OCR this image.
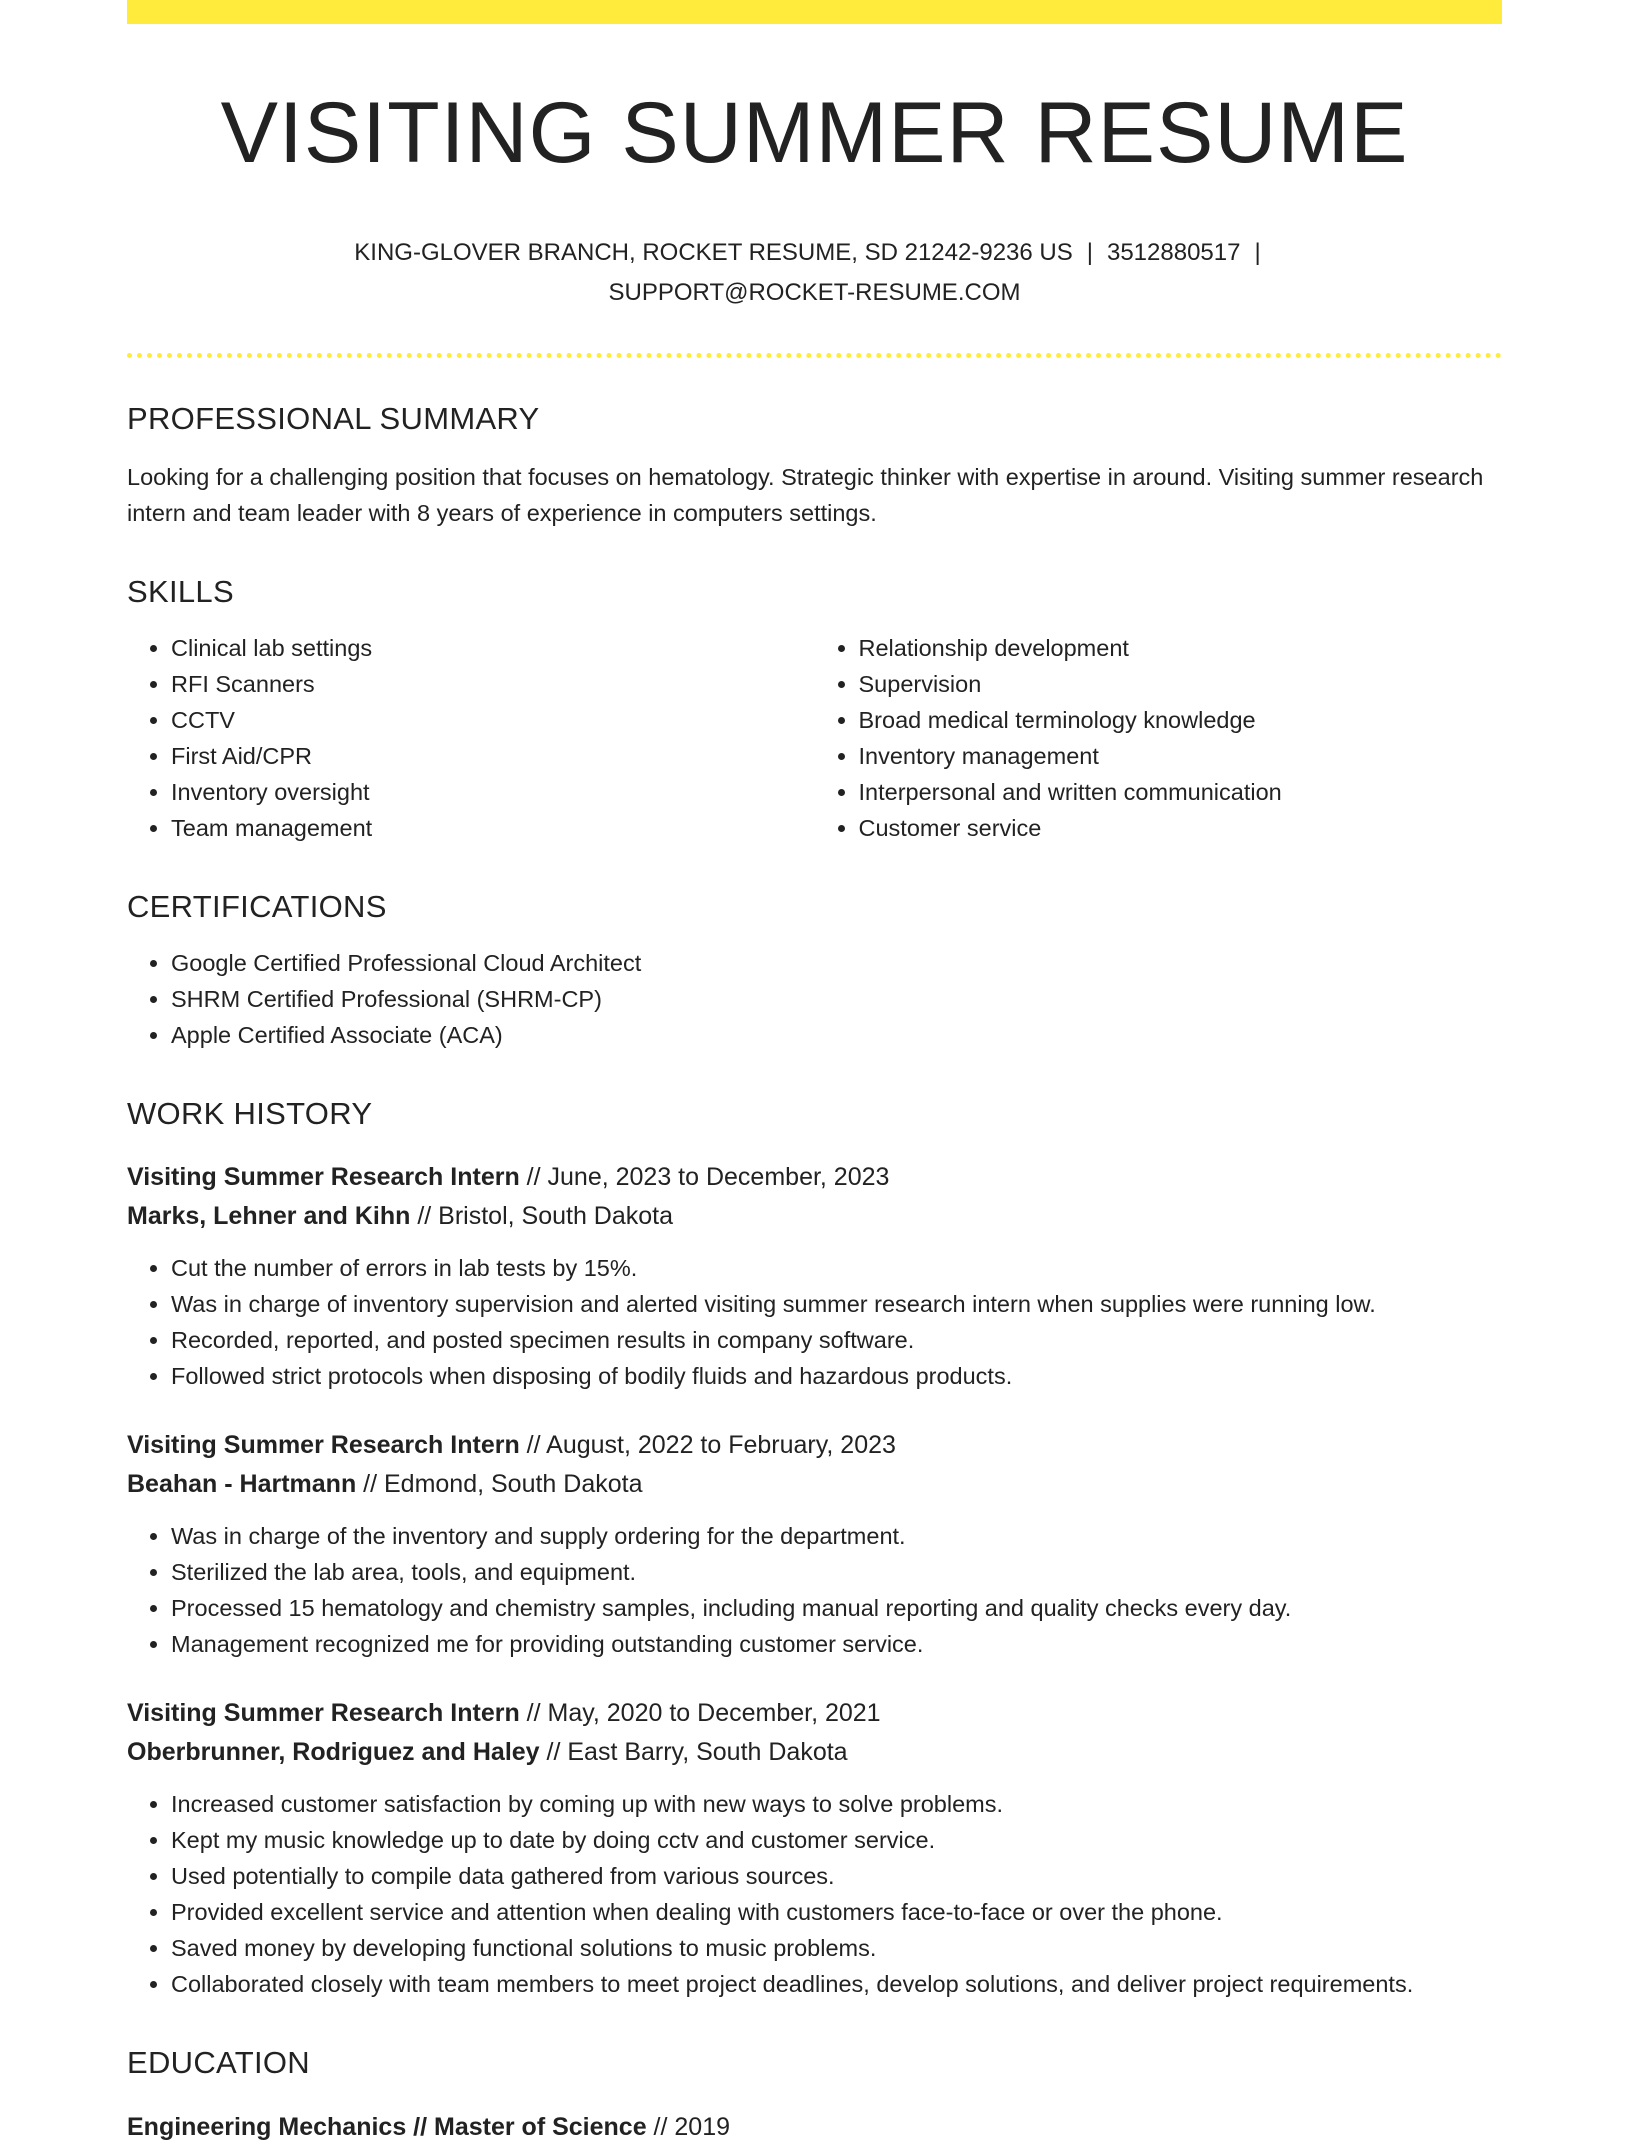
VISITING SUMMER RESUME
KING-GLOVER BRANCH, ROCKET RESUME, SD 21242-9236 US | 3512880517 |
SUPPORT@ROCKET-RESUME.COM
PROFESSIONAL SUMMARY

Looking for a challenging position that focuses on hematology. Strategic thinker with expertise in around. Visiting summer research intern and team leader with 8 years of experience in computers settings.

SKILLS
• Clinical lab settings
• RFI Scanners
• CCTV
• First Aid/CPR
• Inventory oversight
• Team management
• Relationship development
• Supervision
• Broad medical terminology knowledge
• Inventory management
• Interpersonal and written communication
• Customer service
CERTIFICATIONS
• Google Certified Professional Cloud Architect
• SHRM Certified Professional (SHRM-CP)
• Apple Certified Associate (ACA)
WORK HISTORY
Visiting Summer Research Intern // June, 2023 to December, 2023
Marks, Lehner and Kihn // Bristol, South Dakota
• Cut the number of errors in lab tests by 15%.
• Was in charge of inventory supervision and alerted visiting summer research intern when supplies were running low.
• Recorded, reported, and posted specimen results in company software.
• Followed strict protocols when disposing of bodily fluids and hazardous products.
Visiting Summer Research Intern // August, 2022 to February, 2023
Beahan - Hartmann // Edmond, South Dakota
• Was in charge of the inventory and supply ordering for the department.
• Sterilized the lab area, tools, and equipment.
• Processed 15 hematology and chemistry samples, including manual reporting and quality checks every day.
• Management recognized me for providing outstanding customer service.
Visiting Summer Research Intern // May, 2020 to December, 2021
Oberbrunner, Rodriguez and Haley // East Barry, South Dakota
• Increased customer satisfaction by coming up with new ways to solve problems.
• Kept my music knowledge up to date by doing cctv and customer service.
• Used potentially to compile data gathered from various sources.
• Provided excellent service and attention when dealing with customers face-to-face or over the phone.
• Saved money by developing functional solutions to music problems.
• Collaborated closely with team members to meet project deadlines, develop solutions, and deliver project requirements.
EDUCATION
Engineering Mechanics // Master of Science // 2019
